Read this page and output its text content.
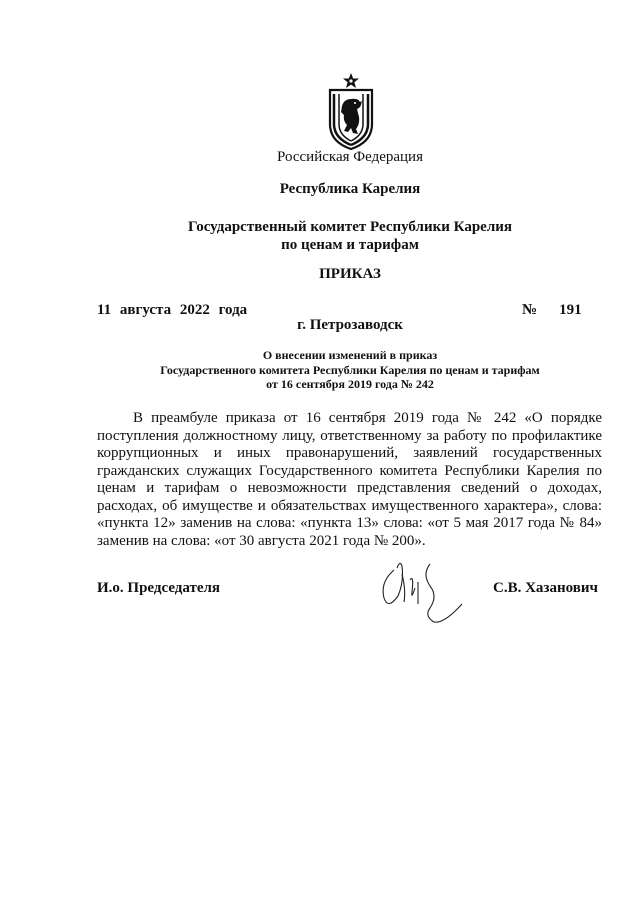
Российская Федерация
Республика Карелия
Государственный комитет Республики Карелия
по ценам и тарифам
ПРИКАЗ
11 августа 2022 года	№ 191
г. Петрозаводск
О внесении изменений в приказ
Государственного комитета Республики Карелия по ценам и тарифам
от 16 сентября 2019 года № 242

В преамбуле приказа от 16 сентября 2019 года № 242 «О порядке поступления должностному лицу, ответственному за работу по профилактике коррупционных и иных правонарушений, заявлений государственных гражданских служащих Государственного комитета Республики Карелия по ценам и тарифам о невозможности представления сведений о доходах, расходах, об имуществе и обязательствах имущественного характера», слова: «пункта 12» заменив на слова: «пункта 13» слова: «от 5 мая 2017 года № 84» заменив на слова: «от 30 августа 2021 года № 200».

И.о. Председателя	С.В. Хазанович
